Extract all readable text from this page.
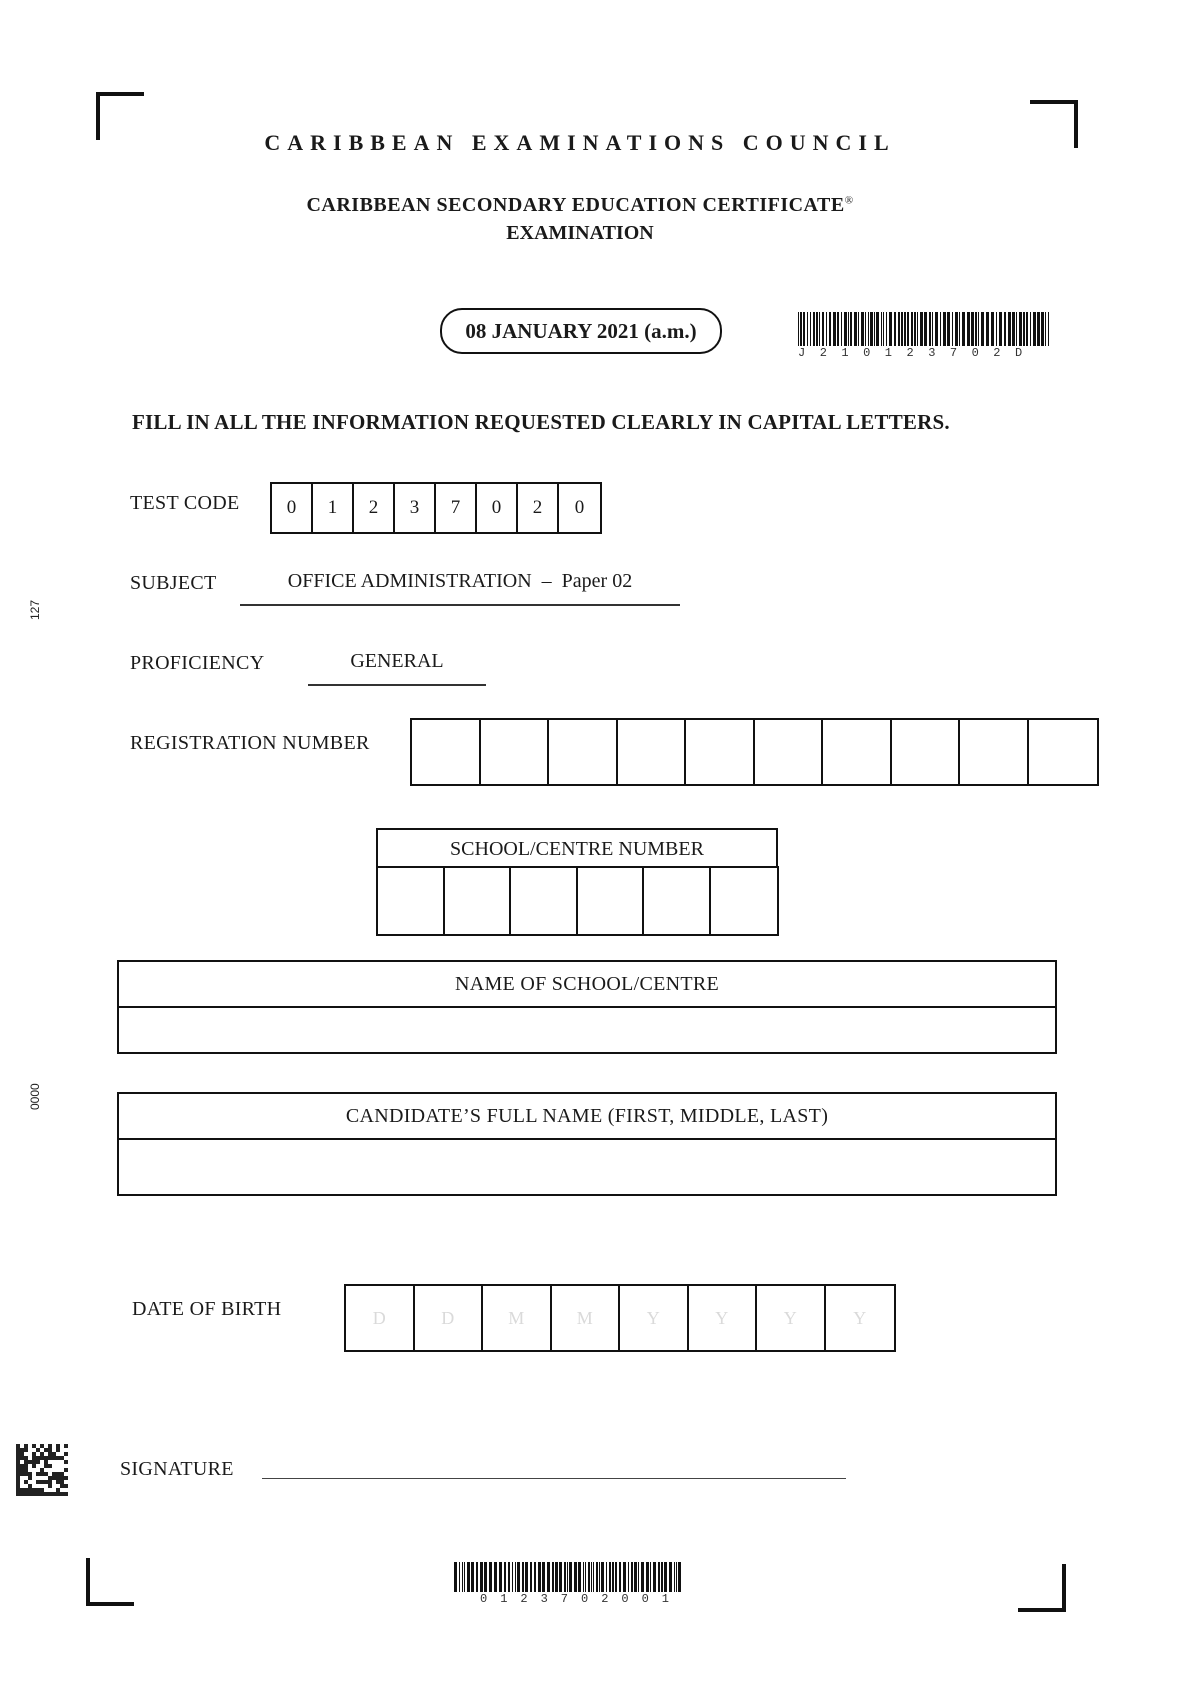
127
0000
CARIBBEAN EXAMINATIONS COUNCIL
CARIBBEAN SECONDARY EDUCATION CERTIFICATE®
EXAMINATION
08 JANUARY 2021 (a.m.)
J210123702D
FILL IN ALL THE INFORMATION REQUESTED CLEARLY IN CAPITAL LETTERS.
TEST CODE	0	1	2	3	7	0	2	0
SUBJECT	OFFICE ADMINISTRATION  –  Paper 02
PROFICIENCY	GENERAL
REGISTRATION NUMBER
SCHOOL/CENTRE NUMBER
NAME OF SCHOOL/CENTRE
CANDIDATE’S FULL NAME (FIRST, MIDDLE, LAST)
DATE OF BIRTH	D	D	M	M	Y	Y	Y	Y
SIGNATURE
0123702001
